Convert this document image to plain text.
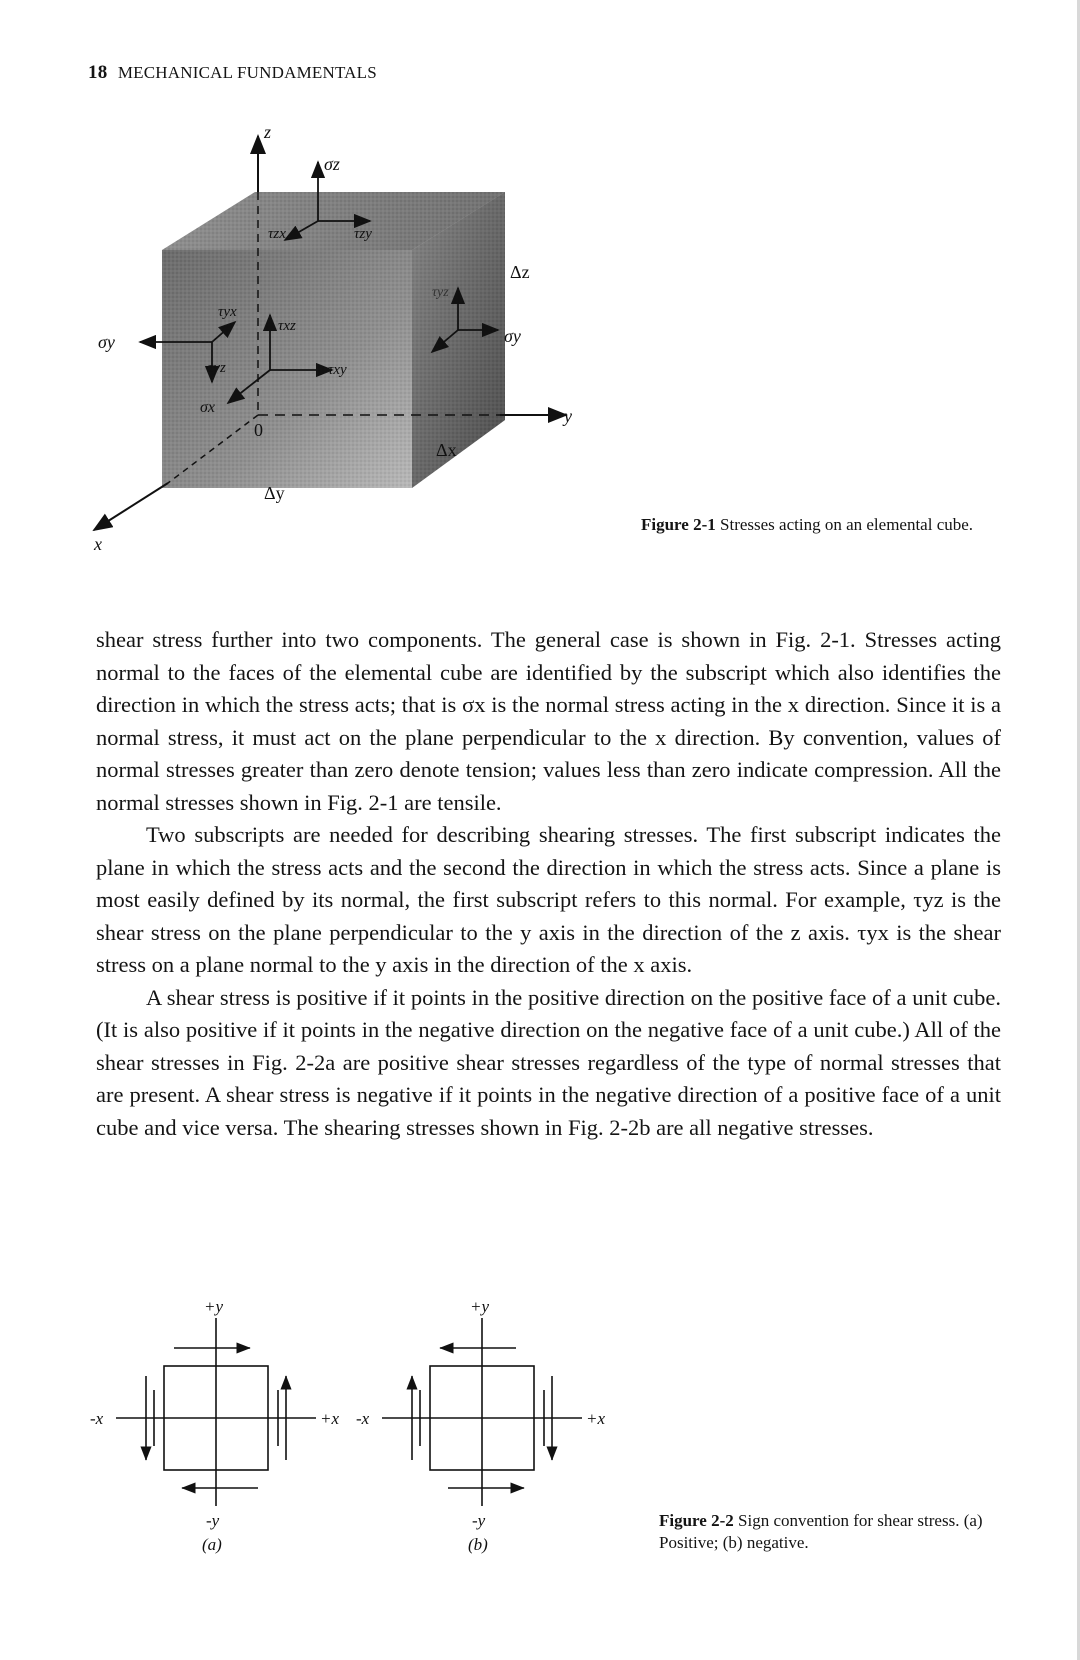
18 MECHANICAL FUNDAMENTALS
z
y
x
0
σz
τzx	τzy
Δz
σy
τyx
τyz
τxz
τxy
σx
τyz
σy
Δx
Δy
Figure 2-1 Stresses acting on an elemental cube.

shear stress further into two components. The general case is shown in Fig. 2-1. Stresses acting normal to the faces of the elemental cube are identified by the subscript which also identifies the direction in which the stress acts; that is σx is the normal stress acting in the x direction. Since it is a normal stress, it must act on the plane perpendicular to the x direction. By convention, values of normal stresses greater than zero denote tension; values less than zero indicate compression. All the normal stresses shown in Fig. 2-1 are tensile.

Two subscripts are needed for describing shearing stresses. The first subscript indicates the plane in which the stress acts and the second the direction in which the stress acts. Since a plane is most easily defined by its normal, the first subscript refers to this normal. For example, τyz is the shear stress on the plane perpendicular to the y axis in the direction of the z axis. τyx is the shear stress on a plane normal to the y axis in the direction of the x axis.

A shear stress is positive if it points in the positive direction on the positive face of a unit cube. (It is also positive if it points in the negative direction on the negative face of a unit cube.) All of the shear stresses in Fig. 2-2a are positive shear stresses regardless of the type of normal stresses that are present. A shear stress is negative if it points in the negative direction of a positive face of a unit cube and vice versa. The shearing stresses shown in Fig. 2-2b are all negative stresses.

+y
-y
-x	+x
(a)
+y
-y
-x	+x
(b)
Figure 2-2 Sign convention for shear stress. (a) Positive; (b) negative.
